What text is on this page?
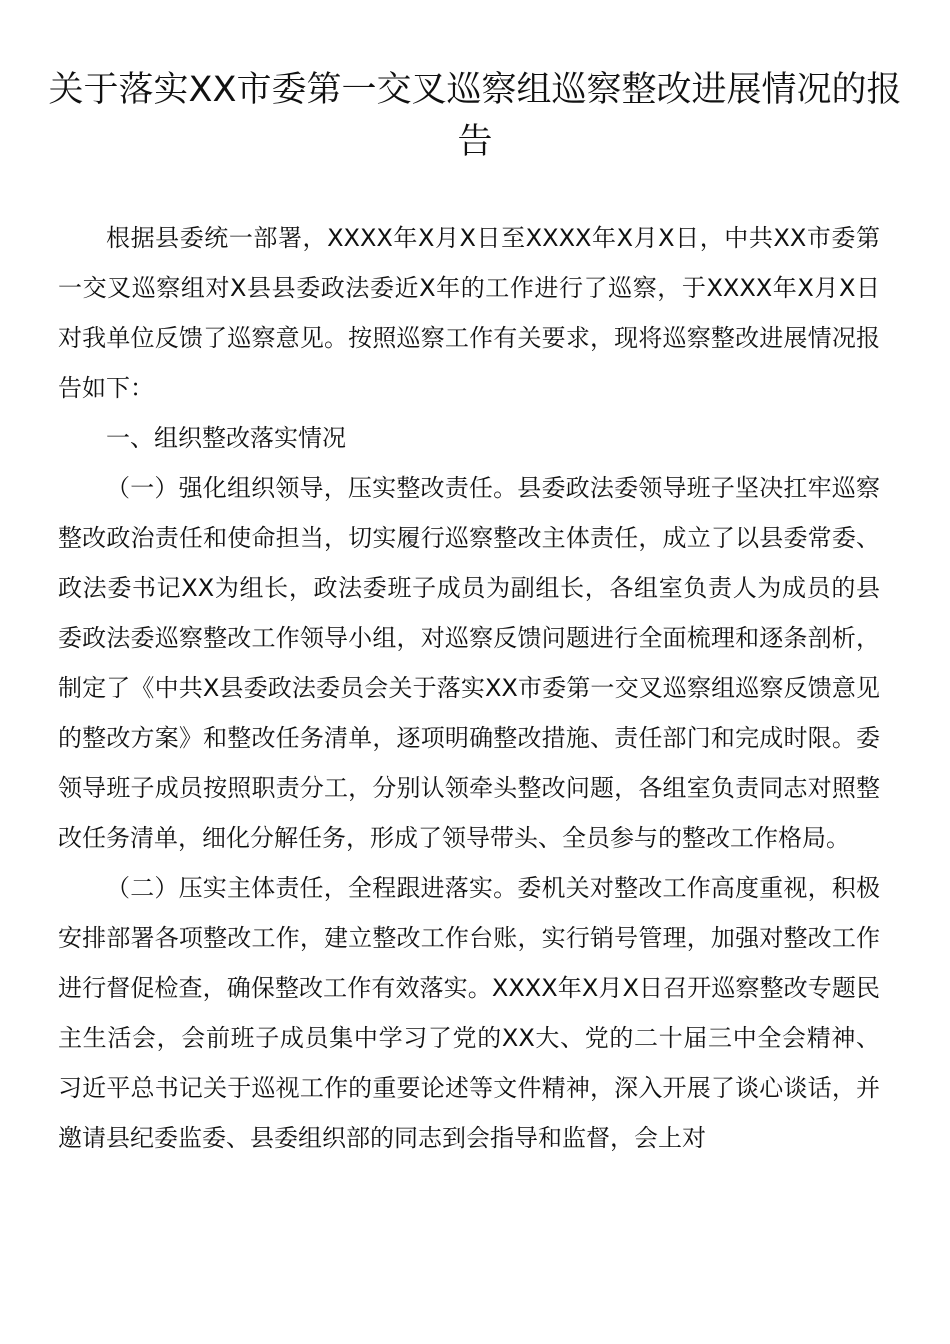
关于落实XX市委第一交叉巡察组巡察整改进展情况的报告

根据县委统一部署，XXXX年X月X日至XXXX年X月X日，中共XX市委第一交叉巡察组对X县县委政法委近X年的工作进行了巡察，于XXXX年X月X日对我单位反馈了巡察意见。按照巡察工作有关要求，现将巡察整改进展情况报告如下：

一、组织整改落实情况

（一）强化组织领导，压实整改责任。县委政法委领导班子坚决扛牢巡察整改政治责任和使命担当，切实履行巡察整改主体责任，成立了以县委常委、政法委书记XX为组长，政法委班子成员为副组长，各组室负责人为成员的县委政法委巡察整改工作领导小组，对巡察反馈问题进行全面梳理和逐条剖析，制定了《中共X县委政法委员会关于落实XX市委第一交叉巡察组巡察反馈意见的整改方案》和整改任务清单，逐项明确整改措施、责任部门和完成时限。委领导班子成员按照职责分工，分别认领牵头整改问题，各组室负责同志对照整改任务清单，细化分解任务，形成了领导带头、全员参与的整改工作格局。

（二）压实主体责任，全程跟进落实。委机关对整改工作高度重视，积极安排部署各项整改工作，建立整改工作台账，实行销号管理，加强对整改工作进行督促检查，确保整改工作有效落实。XXXX年X月X日召开巡察整改专题民主生活会，会前班子成员集中学习了党的XX大、党的二十届三中全会精神、习近平总书记关于巡视工作的重要论述等文件精神，深入开展了谈心谈话，并邀请县纪委监委、县委组织部的同志到会指导和监督，会上对
